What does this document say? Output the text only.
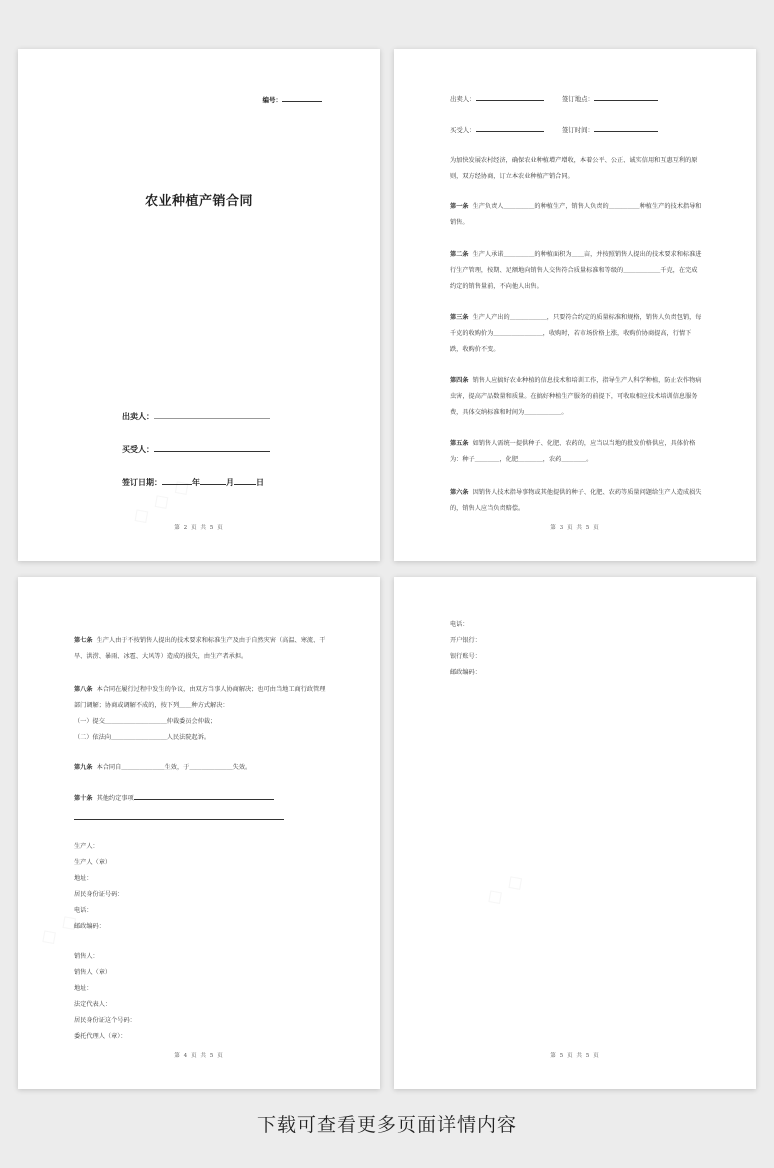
编号：
农业种植产销合同
出卖人：
买受人：
签订日期：	年	月	日
第 2 页 共 5 页
出卖人：	签订地点：
买受人：	签订时间：
为加快发展农村经济，确保农业种植增产增收，本着公平、公正、诚实信用和互惠互利的原则，双方经协商，订立本农业种植产销合同。
第一条 生产负责人＿＿＿＿＿的种植生产，销售人负责的＿＿＿＿＿种植生产的技术指导和销售。
第二条 生产人承诺＿＿＿＿＿的种植面积为＿＿亩，并按照销售人提出的技术要求和标准进行生产管理，按期、足额地向销售人交售符合质量标准和等级的＿＿＿＿＿＿千克，在完成约定的销售量前，不向他人出售。
第三条 生产人产出的＿＿＿＿＿＿，只要符合约定的质量标准和规格，销售人负责包销，每千克的收购价为＿＿＿＿＿＿＿＿，收购时，若市场价格上涨，收购价协商提高，行情下跌，收购价不变。
第四条 销售人应搞好农业种植的信息技术和培训工作，指导生产人科学种植，防止农作物病虫害，提高产品数量和质量。在搞好种植生产服务的前提下，可收取相应技术培训信息服务费，具体交纳标准和时间为＿＿＿＿＿＿。
第五条 如销售人需统一提供种子、化肥、农药的，应当以当地的批发价格供应，具体价格为：种子＿＿＿＿，化肥＿＿＿＿，农药＿＿＿＿。
第六条 因销售人技术指导事物或其他提供的种子、化肥、农药等质量问题给生产人造成损失的，销售人应当负责赔偿。
第 3 页 共 5 页
第七条 生产人由于不按销售人提出的技术要求和标准生产及由于自然灾害（高温、寒流、干旱、洪涝、暴雨、冰雹、大风等）造成的损失，由生产者承担。
第八条 本合同在履行过程中发生的争议，由双方当事人协商解决；也可由当地工商行政管理部门调解；协商或调解不成的，按下列＿＿种方式解决：
（一）提交＿＿＿＿＿＿＿＿＿＿仲裁委员会仲裁；
（二）依法向＿＿＿＿＿＿＿＿＿人民法院起诉。
第九条 本合同自＿＿＿＿＿＿＿生效，于＿＿＿＿＿＿＿失效。
第十条 其他约定事项
生产人：
生产人（章）
地址：
居民身份证号码：
电话：
邮政编码：
销售人：
销售人（章）
地址：
法定代表人：
居民身份证这个号码：
委托代理人（章）：
第 4 页 共 5 页
电话：
开户银行：
银行账号：
邮政编码：
第 5 页 共 5 页
下载可查看更多页面详情内容
